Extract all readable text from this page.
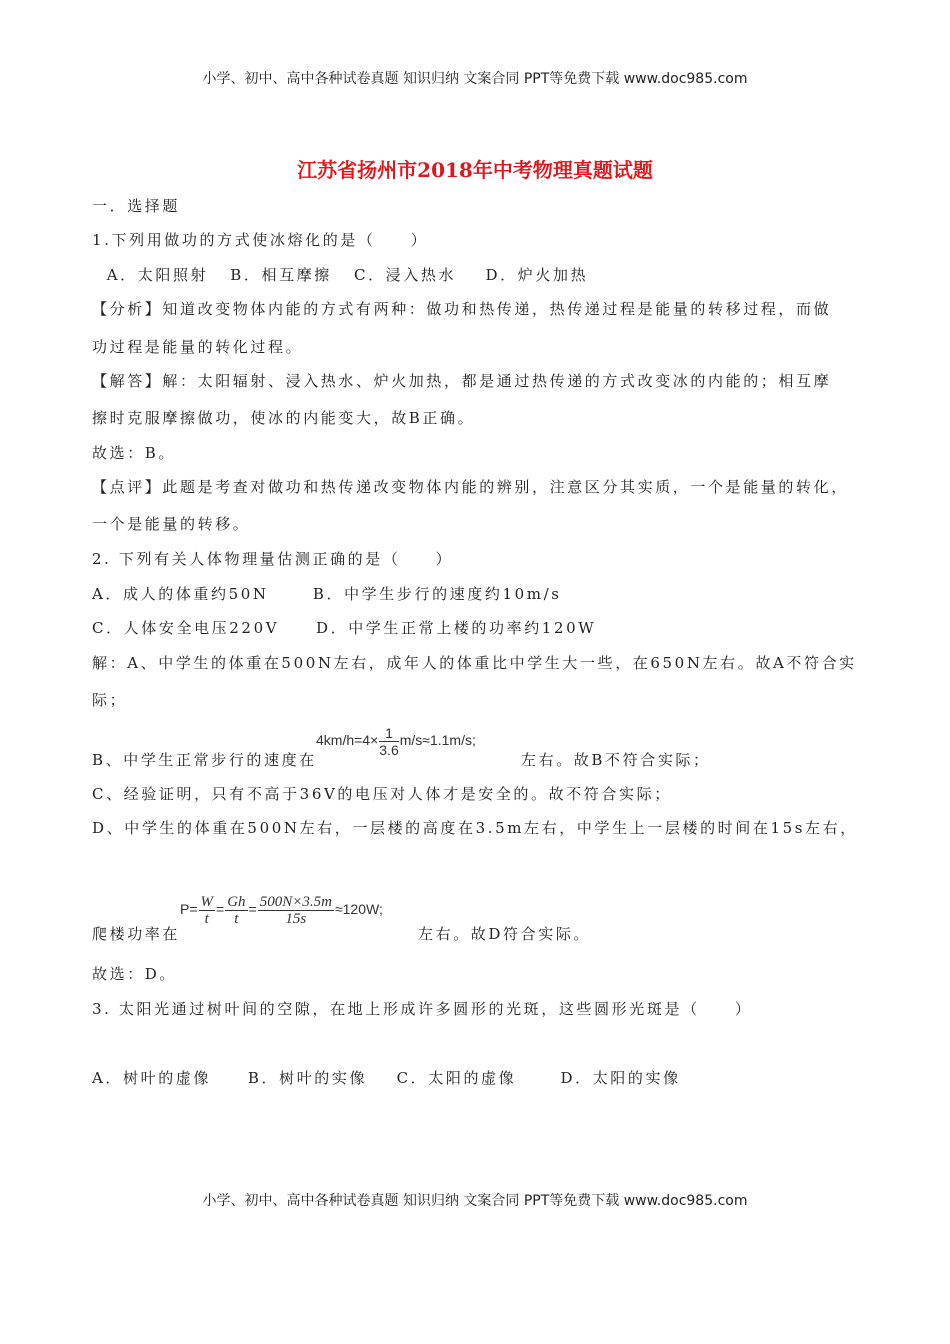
小学、初中、高中各种试卷真题 知识归纳 文案合同 PPT等免费下载 www.doc985.com
江苏省扬州市2018年中考物理真题试题
一．选择题
1.下列用做功的方式使冰熔化的是（　　）
A．太阳照射   B．相互摩擦   C．浸入热水    D．炉火加热
【分析】知道改变物体内能的方式有两种：做功和热传递，热传递过程是能量的转移过程，而做
功过程是能量的转化过程。
【解答】解：太阳辐射、浸入热水、炉火加热，都是通过热传递的方式改变冰的内能的；相互摩
擦时克服摩擦做功，使冰的内能变大，故B正确。
故选：B。
【点评】此题是考查对做功和热传递改变物体内能的辨别，注意区分其实质，一个是能量的转化，
一个是能量的转移。
2. 下列有关人体物理量估测正确的是（　　）
A．成人的体重约50N      B．中学生步行的速度约10m/s
C．人体安全电压220V     D．中学生正常上楼的功率约120W
解：A、中学生的体重在500N左右，成年人的体重比中学生大一些，在650N左右。故A不符合实
际；
B、中学生正常步行的速度在
$4km/h=4\times \frac{1}{3.6} m/s\approx 1.1m/s$;
左右。故B不符合实际；
C、经验证明，只有不高于36V的电压对人体才是安全的。故不符合实际；
D、中学生的体重在500N左右，一层楼的高度在3.5m左右，中学生上一层楼的时间在15s左右，
爬楼功率在
$P= \frac{W}{t} = \frac{Gh}{t} = \frac{500N\times 3.5m}{15s} \approx 120W$;
左右。故D符合实际。
故选：D。
3. 太阳光通过树叶间的空隙，在地上形成许多圆形的光斑，这些圆形光斑是（　　）
A．树叶的虚像     B．树叶的实像    C．太阳的虚像      D．太阳的实像
小学、初中、高中各种试卷真题 知识归纳 文案合同 PPT等免费下载 www.doc985.com
